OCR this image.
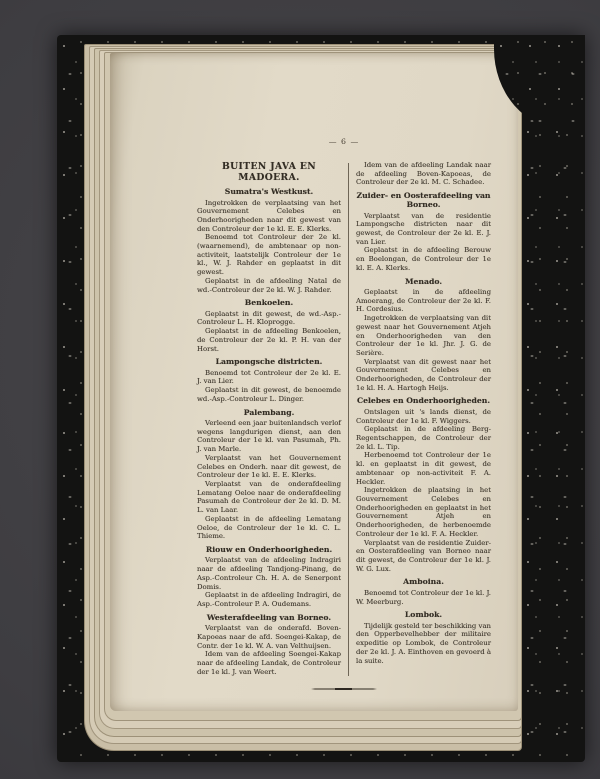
— 6 —
BUITEN JAVA EN MADOERA.
Sumatra's Westkust.

Ingetrokken de verplaatsing van het Gouvernement Celebes en Onderhoorigheden naar dit gewest van den Controleur der 1e kl. E. E. Klerks.

Benoemd tot Controleur der 2e kl. (waarnemend), de ambtenaar op non-activiteit, laatstelijk Controleur der 1e kl., W. J. Rahder en geplaatst in dit gewest.

Geplaatst in de afdeeling Natal de wd.-Controleur der 2e kl. W. J. Rahder.

Benkoelen.

Geplaatst in dit gewest, de wd.-Asp.-Controleur L. H. Kloprogge.

Geplaatst in de afdeeling Benkoelen, de Controleur der 2e kl. P. H. van der Horst.

Lampongsche districten.

Benoemd tot Controleur der 2e kl. E. J. van Lier.

Geplaatst in dit gewest, de benoemde wd.-Asp.-Controleur L. Dinger.

Palembang.

Verleend een jaar buitenlandsch verlof wegens langdurigen dienst, aan den Controleur der 1e kl. van Pasumah, Ph. J. van Marle.

Verplaatst van het Gouvernement Celebes en Onderh. naar dit gewest, de Controleur der 1e kl. E. E. Klerks.

Verplaatst van de onderafdeeling Lematang Oeloe naar de onderafdeeling Pasumah de Controleur der 2e kl. D. M. L. van Laar.

Geplaatst in de afdeeling Lematang Oeloe, de Controleur der 1e kl. C. L. Thieme.

Riouw en Onderhoorigheden.

Verplaatst van de afdeeling Indragiri naar de afdeeling Tandjong-Pinang, de Asp.-Controleur Ch. H. A. de Senerpont Domis.

Geplaatst in de afdeeling Indragiri, de Asp.-Controleur P. A. Oudemans.

Westerafdeeling van Borneo.

Verplaatst van de onderafd. Boven-Kapoeas naar de afd. Soengei-Kakap, de Contr. der 1e kl. W. A. van Velthuijsen.

Idem van de afdeeling Soengei-Kakap naar de afdeeling Landak, de Controleur der 1e kl. J. van Weert.

Idem van de afdeeling Landak naar de afdeeling Boven-Kapoeas, de Controleur der 2e kl. M. C. Schadee.

Zuider- en Oosterafdeeling van Borneo.

Verplaatst van de residentie Lampongsche districten naar dit gewest, de Controleur der 2e kl. E. J. van Lier.

Geplaatst in de afdeeling Berouw en Boelongan, de Controleur der 1e kl. E. A. Klerks.

Menado.

Geplaatst in de afdeeling Amoerang, de Controleur der 2e kl. F. H. Cordesius.

Ingetrokken de verplaatsing van dit gewest naar het Gouvernement Atjeh en Onderhoorigheden van den Controleur der 1e kl. Jhr. J. G. de Serière.

Verplaatst van dit gewest naar het Gouvernement Celebes en Onderhoorigheden, de Controleur der 1e kl. H. A. Hartogh Heijs.

Celebes en Onderhoorigheden.

Ontslagen uit 's lands dienst, de Controleur der 1e kl. F. Wiggers.

Geplaatst in de afdeeling Berg-Regentschappen, de Controleur der 2e kl. L. Tip.

Herbenoemd tot Controleur der 1e kl. en geplaatst in dit gewest, de ambtenaar op non-activiteit F. A. Heckler.

Ingetrokken de plaatsing in het Gouvernement Celebes en Onderhoorigheden en geplaatst in het Gouvernement Atjeh en Onderhoorigheden, de herbenoemde Controleur der 1e kl. F. A. Heckler.

Verplaatst van de residentie Zuider- en Oosterafdeeling van Borneo naar dit gewest, de Controleur der 1e kl. J. W. G. Lux.

Amboina.

Benoemd tot Controleur der 1e kl. J. W. Meerburg.

Lombok.

Tijdelijk gesteld ter beschikking van den Opperbevelhebber der militaire expeditie op Lombok, de Controleur der 2e kl. J. A. Einthoven en gevoerd à la suite.
